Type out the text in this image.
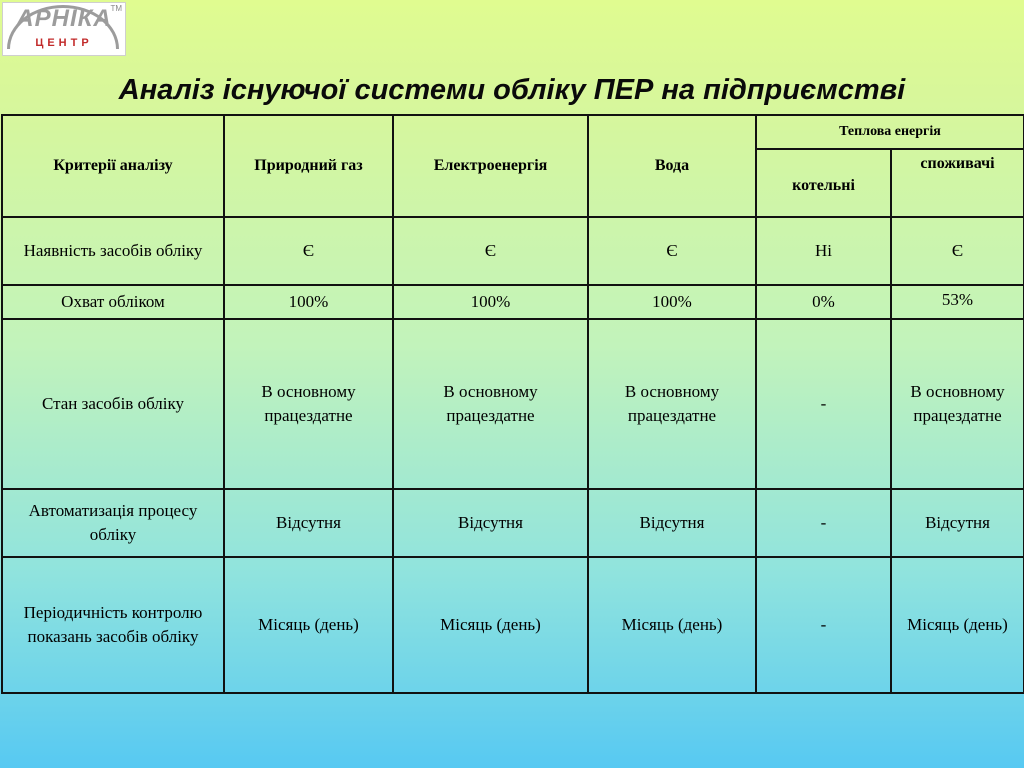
АРНІКА
ЦЕНТР
TM
Аналіз існуючої системи обліку ПЕР на підприємстві
Критерії аналізу	Природний газ	Електроенергія	Вода	Теплова енергія	
				котельні	споживачі
Наявність засобів обліку	Є	Є	Є	Ні	Є
Охват обліком	100%	100%	100%	0%	53%
Стан засобів обліку	В основному працездатне	В основному працездатне	В основному працездатне	-	В основному працездатне
Автоматизація процесу обліку	Відсутня	Відсутня	Відсутня	-	Відсутня
Періодичність контролю показань засобів обліку	Місяць (день)	Місяць (день)	Місяць (день)	-	Місяць (день)
